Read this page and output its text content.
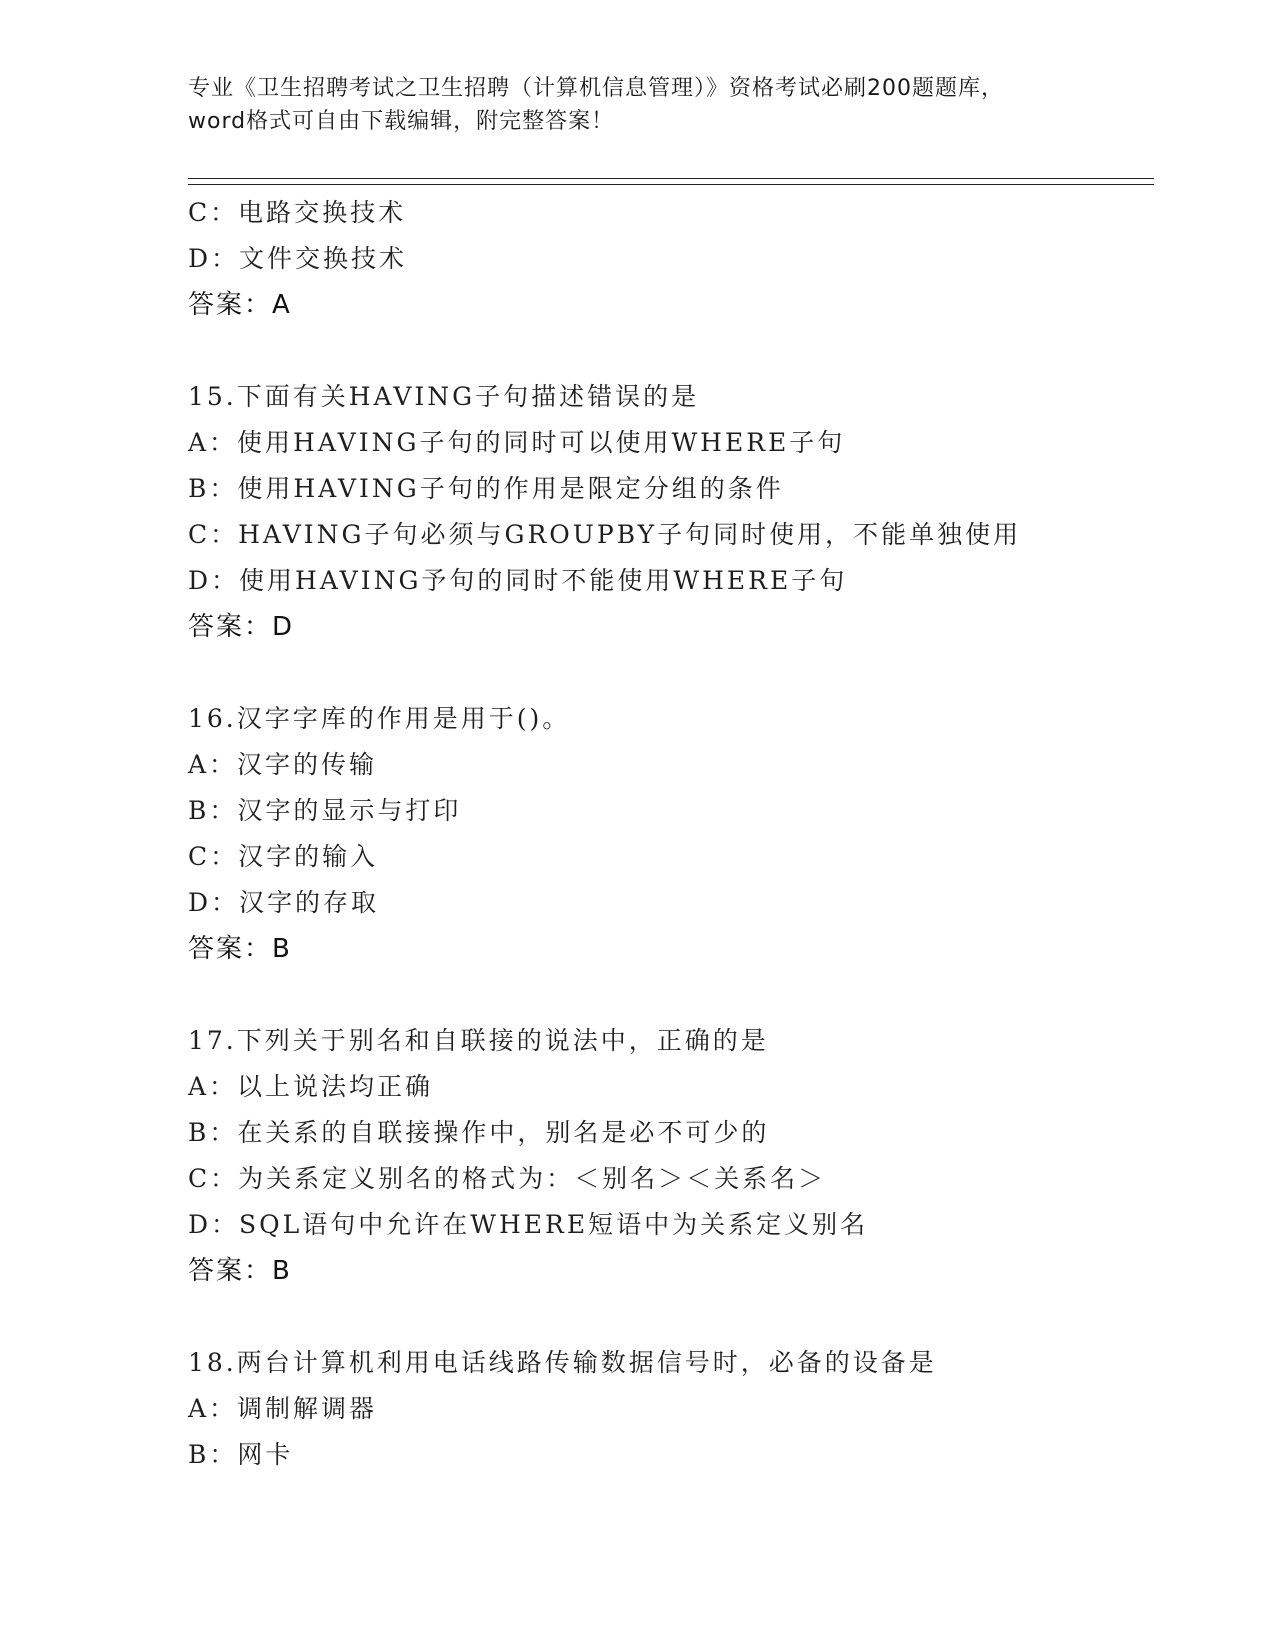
专业《卫生招聘考试之卫生招聘（计算机信息管理）》资格考试必刷200题题库，
word格式可自由下载编辑，附完整答案！
C：电路交换技术
D：文件交换技术
答案：A
15.下面有关HAVING子句描述错误的是
A：使用HAVING子句的同时可以使用WHERE子句
B：使用HAVING子句的作用是限定分组的条件
C：HAVING子句必须与GROUPBY子句同时使用，不能单独使用
D：使用HAVING予句的同时不能使用WHERE子句
答案：D
16.汉字字库的作用是用于()。
A：汉字的传输
B：汉字的显示与打印
C：汉字的输入
D：汉字的存取
答案：B
17.下列关于别名和自联接的说法中，正确的是
A：以上说法均正确
B：在关系的自联接操作中，别名是必不可少的
C：为关系定义别名的格式为：＜别名＞＜关系名＞
D：SQL语句中允许在WHERE短语中为关系定义别名
答案：B
18.两台计算机利用电话线路传输数据信号时，必备的设备是
A：调制解调器
B：网卡
